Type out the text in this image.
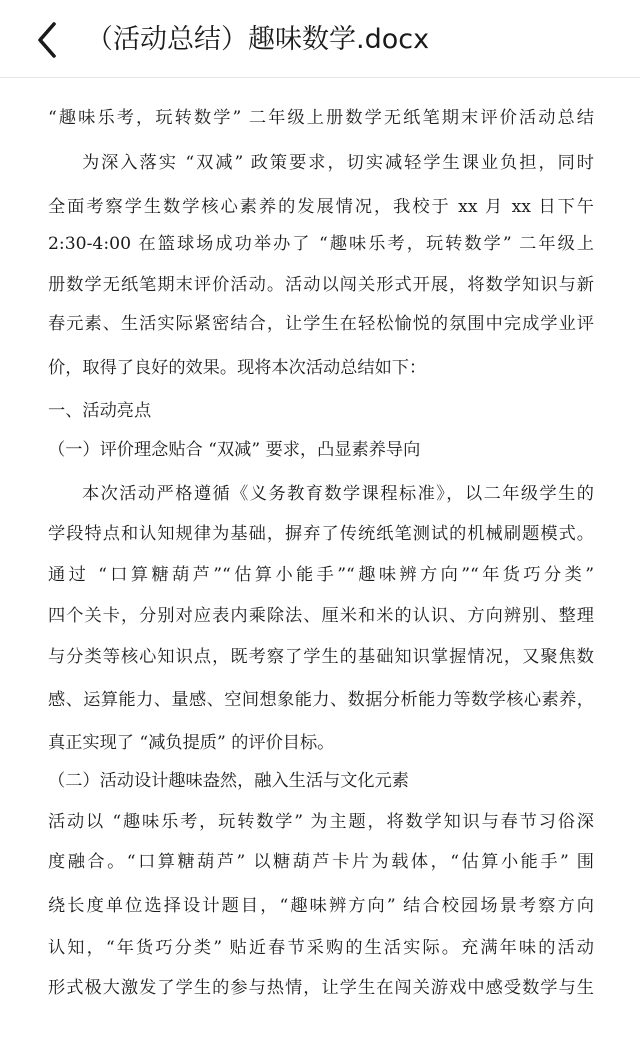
（活动总结）趣味数学.docx
“趣味乐考，玩转数学” 二年级上册数学无纸笔期末评价活动总结
为深入落实 “双减” 政策要求，切实减轻学生课业负担，同时
全面考察学生数学核心素养的发展情况，我校于 xx 月 xx 日下午
2:30-4:00 在篮球场成功举办了 “趣味乐考，玩转数学” 二年级上
册数学无纸笔期末评价活动。活动以闯关形式开展，将数学知识与新
春元素、生活实际紧密结合，让学生在轻松愉悦的氛围中完成学业评
价，取得了良好的效果。现将本次活动总结如下：
一、活动亮点
（一）评价理念贴合 “双减” 要求，凸显素养导向
本次活动严格遵循《义务教育数学课程标准》，以二年级学生的
学段特点和认知规律为基础，摒弃了传统纸笔测试的机械刷题模式。
通过 “口算糖葫芦”“估算小能手”“趣味辨方向”“年货巧分类”
四个关卡，分别对应表内乘除法、厘米和米的认识、方向辨别、整理
与分类等核心知识点，既考察了学生的基础知识掌握情况，又聚焦数
感、运算能力、量感、空间想象能力、数据分析能力等数学核心素养，
真正实现了 “减负提质” 的评价目标。
（二）活动设计趣味盎然，融入生活与文化元素
活动以 “趣味乐考，玩转数学” 为主题，将数学知识与春节习俗深
度融合。“口算糖葫芦” 以糖葫芦卡片为载体，“估算小能手” 围
绕长度单位选择设计题目，“趣味辨方向” 结合校园场景考察方向
认知，“年货巧分类” 贴近春节采购的生活实际。充满年味的活动
形式极大激发了学生的参与热情，让学生在闯关游戏中感受数学与生
